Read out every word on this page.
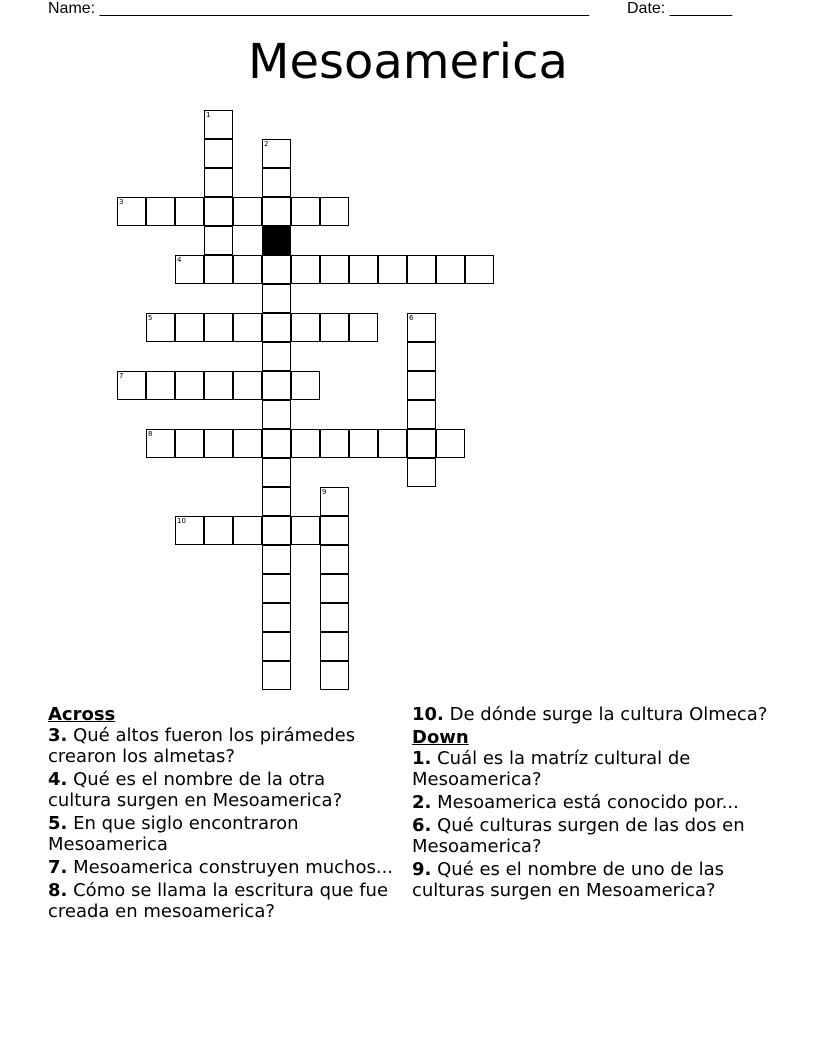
Name: _______________________________________________________ Date: _______
Mesoamerica
1
2
3
4
5	6
7
8
9
10
Across
3. Qué altos fueron los pirámedes crearon los almetas?
4. Qué es el nombre de la otra cultura surgen en Mesoamerica?
5. En que siglo encontraron Mesoamerica
7. Mesoamerica construyen muchos...
8. Cómo se llama la escritura que fue creada en mesoamerica?
10. De dónde surge la cultura Olmeca?
Down
1. Cuál es la matríz cultural de Mesoamerica?
2. Mesoamerica está conocido por...
6. Qué culturas surgen de las dos en Mesoamerica?
9. Qué es el nombre de uno de las culturas surgen en Mesoamerica?
